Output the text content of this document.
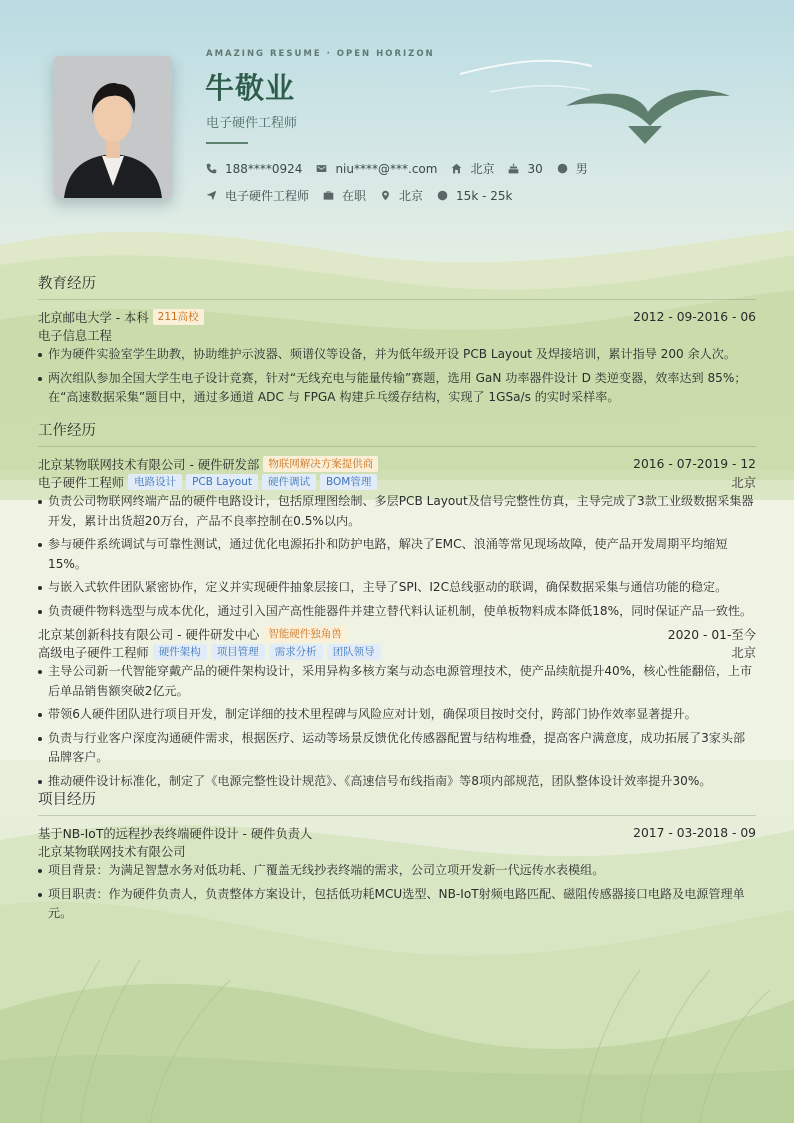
AMAZING RESUME · OPEN HORIZON
牛敬业
电子硬件工程师
188****0924	niu****@***.com	北京	30	男
电子硬件工程师	在职	北京	15k - 25k
教育经历
北京邮电大学 - 本科 211高校	2012 - 09-2016 - 06
电子信息工程
作为硬件实验室学生助教，协助维护示波器、频谱仪等设备，并为低年级开设 PCB Layout 及焊接培训，累计指导 200 余人次。
两次组队参加全国大学生电子设计竞赛，针对“无线充电与能量传输”赛题，选用 GaN 功率器件设计 D 类逆变器，效率达到 85%；在“高速数据采集”题目中，通过多通道 ADC 与 FPGA 构建乒乓缓存结构，实现了 1GSa/s 的实时采样率。
工作经历
北京某物联网技术有限公司 - 硬件研发部 物联网解决方案提供商	2016 - 07-2019 - 12
电子硬件工程师 电路设计	PCB Layout	硬件调试	BOM管理	北京
负责公司物联网终端产品的硬件电路设计，包括原理图绘制、多层PCB Layout及信号完整性仿真，主导完成了3款工业级数据采集器开发，累计出货超20万台，产品不良率控制在0.5%以内。
参与硬件系统调试与可靠性测试，通过优化电源拓扑和防护电路，解决了EMC、浪涌等常见现场故障，使产品开发周期平均缩短15%。
与嵌入式软件团队紧密协作，定义并实现硬件抽象层接口，主导了SPI、I2C总线驱动的联调，确保数据采集与通信功能的稳定。
负责硬件物料选型与成本优化，通过引入国产高性能器件并建立替代料认证机制，使单板物料成本降低18%，同时保证产品一致性。
北京某创新科技有限公司 - 硬件研发中心 智能硬件独角兽	2020 - 01-至今
高级电子硬件工程师 硬件架构	项目管理	需求分析	团队领导	北京
主导公司新一代智能穿戴产品的硬件架构设计，采用异构多核方案与动态电源管理技术，使产品续航提升40%，核心性能翻倍，上市后单品销售额突破2亿元。
带领6人硬件团队进行项目开发，制定详细的技术里程碑与风险应对计划，确保项目按时交付，跨部门协作效率显著提升。
负责与行业客户深度沟通硬件需求，根据医疗、运动等场景反馈优化传感器配置与结构堆叠，提高客户满意度，成功拓展了3家头部品牌客户。
推动硬件设计标准化，制定了《电源完整性设计规范》、《高速信号布线指南》等8项内部规范，团队整体设计效率提升30%。
项目经历
基于NB-IoT的远程抄表终端硬件设计 - 硬件负责人	2017 - 03-2018 - 09
北京某物联网技术有限公司
项目背景：为满足智慧水务对低功耗、广覆盖无线抄表终端的需求，公司立项开发新一代远传水表模组。
项目职责：作为硬件负责人，负责整体方案设计，包括低功耗MCU选型、NB-IoT射频电路匹配、磁阻传感器接口电路及电源管理单元。
